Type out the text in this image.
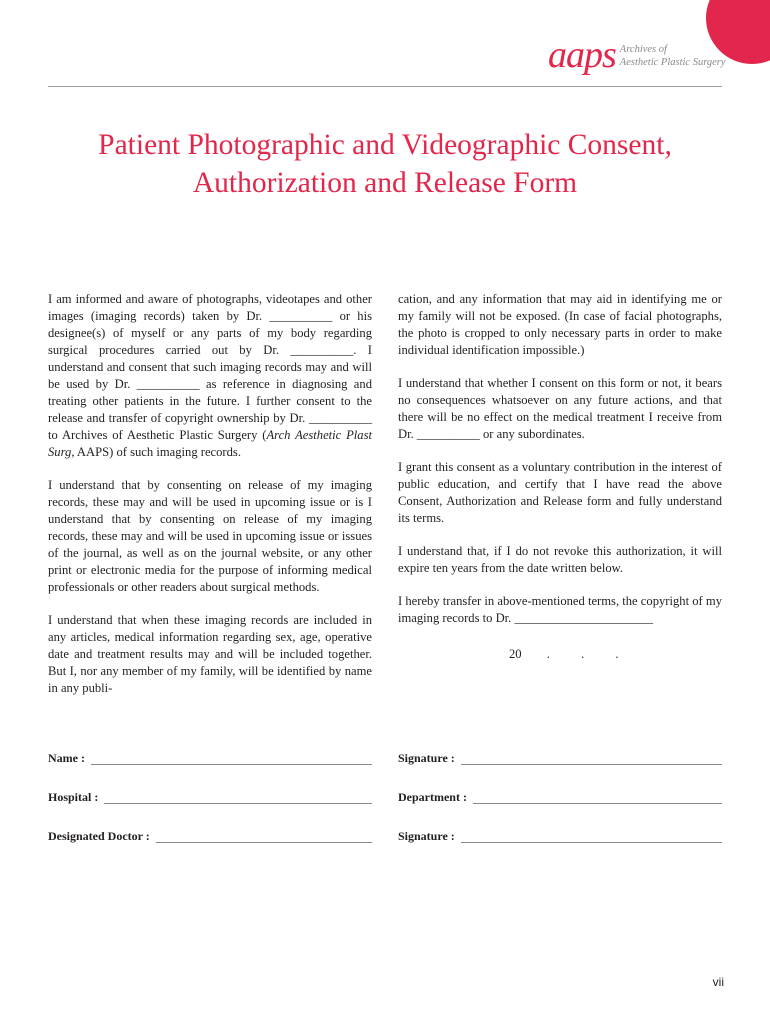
aaps Archives of
Aesthetic Plastic Surgery
Patient Photographic and Videographic Consent,
Authorization and Release Form

I am informed and aware of photographs, videotapes and other images (imaging records) taken by Dr. __________ or his designee(s) of myself or any parts of my body regarding surgical procedures carried out by Dr. __________. I understand and consent that such imaging records may and will be used by Dr. __________ as reference in diagnosing and treating other patients in the future. I further consent to the release and transfer of copyright ownership by Dr. __________ to Archives of Aesthetic Plastic Surgery (Arch Aesthetic Plast Surg, AAPS) of such imaging records.

I understand that by consenting on release of my imaging records, these may and will be used in upcoming issue or is I understand that by consenting on release of my imaging records, these may and will be used in upcoming issue or issues of the journal, as well as on the journal website, or any other print or electronic media for the purpose of informing medical professionals or other readers about surgical methods.

I understand that when these imaging records are included in any articles, medical information regarding sex, age, operative date and treatment results may and will be included together. But I, nor any member of my family, will be identified by name in any publi-

cation, and any information that may aid in identifying me or my family will not be exposed. (In case of facial photographs, the photo is cropped to only necessary parts in order to make individual identification impossible.)

I understand that whether I consent on this form or not, it bears no consequences whatsoever on any future actions, and that there will be no effect on the medical treatment I receive from Dr. __________ or any subordinates.

I grant this consent as a voluntary contribution in the interest of public education, and certify that I have read the above Consent, Authorization and Release form and fully understand its terms.

I understand that, if I do not revoke this authorization, it will expire ten years from the date written below.

I hereby transfer in above-mentioned terms, the copyright of my imaging records to Dr. ______________________

20 . . .
Name :	Signature :
Hospital :	Department :
Designated Doctor :	Signature :
vii
